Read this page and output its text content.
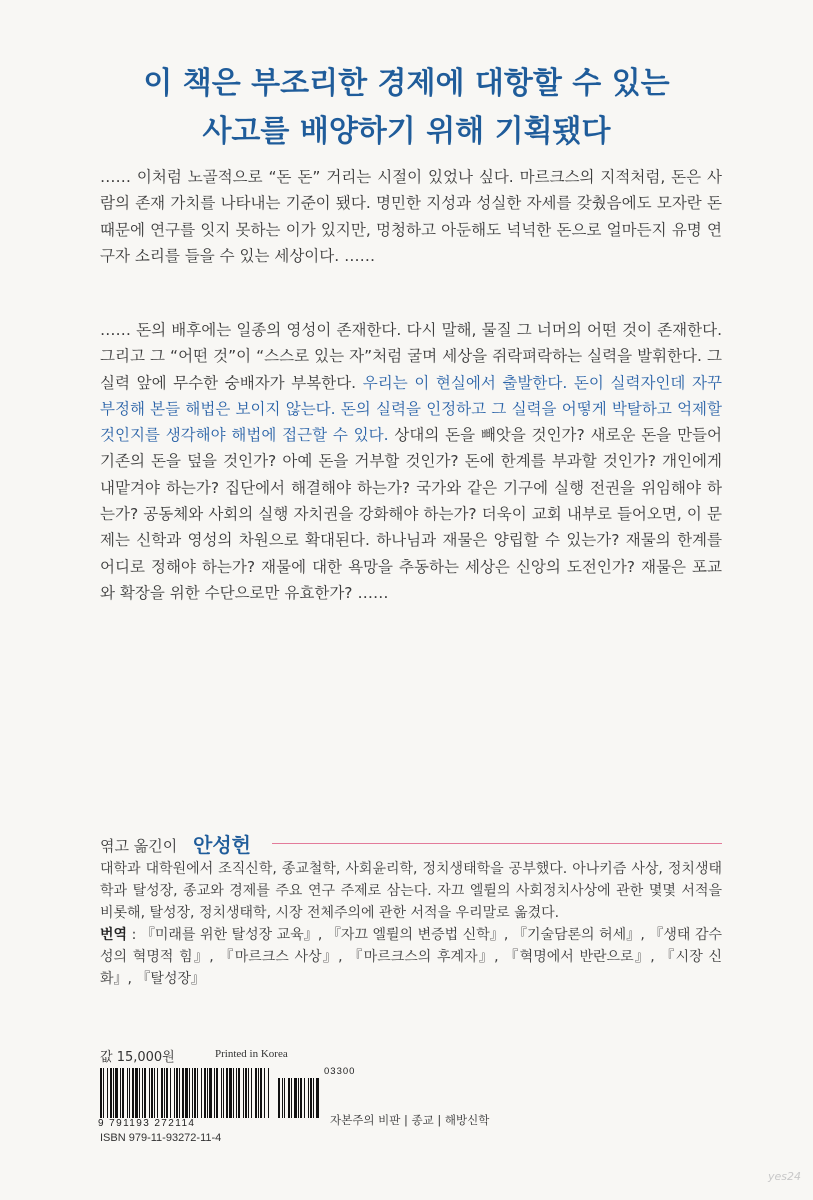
이 책은 부조리한 경제에 대항할 수 있는
사고를 배양하기 위해 기획됐다
…… 이처럼 노골적으로 “돈 돈” 거리는 시절이 있었나 싶다. 마르크스의 지적처럼, 돈은 사람의 존재 가치를 나타내는 기준이 됐다. 명민한 지성과 성실한 자세를 갖췄음에도 모자란 돈 때문에 연구를 잇지 못하는 이가 있지만, 멍청하고 아둔해도 넉넉한 돈으로 얼마든지 유명 연구자 소리를 들을 수 있는 세상이다. ……
…… 돈의 배후에는 일종의 영성이 존재한다. 다시 말해, 물질 그 너머의 어떤 것이 존재한다. 그리고 그 “어떤 것”이 “스스로 있는 자”처럼 굴며 세상을 쥐락펴락하는 실력을 발휘한다. 그 실력 앞에 무수한 숭배자가 부복한다. 우리는 이 현실에서 출발한다. 돈이 실력자인데 자꾸 부정해 본들 해법은 보이지 않는다. 돈의 실력을 인정하고 그 실력을 어떻게 박탈하고 억제할 것인지를 생각해야 해법에 접근할 수 있다. 상대의 돈을 빼앗을 것인가? 새로운 돈을 만들어 기존의 돈을 덮을 것인가? 아예 돈을 거부할 것인가? 돈에 한계를 부과할 것인가? 개인에게 내맡겨야 하는가? 집단에서 해결해야 하는가? 국가와 같은 기구에 실행 전권을 위임해야 하는가? 공동체와 사회의 실행 자치권을 강화해야 하는가? 더욱이 교회 내부로 들어오면, 이 문제는 신학과 영성의 차원으로 확대된다. 하나님과 재물은 양립할 수 있는가? 재물의 한계를 어디로 정해야 하는가? 재물에 대한 욕망을 추동하는 세상은 신앙의 도전인가? 재물은 포교와 확장을 위한 수단으로만 유효한가? ……
엮고 옮긴이 안성헌
대학과 대학원에서 조직신학, 종교철학, 사회윤리학, 정치생태학을 공부했다. 아나키즘 사상, 정치생태학과 탈성장, 종교와 경제를 주요 연구 주제로 삼는다. 자끄 엘륄의 사회정치사상에 관한 몇몇 서적을 비롯해, 탈성장, 정치생태학, 시장 전체주의에 관한 서적을 우리말로 옮겼다.
번역 : 『미래를 위한 탈성장 교육』, 『자끄 엘륄의 변증법 신학』, 『기술담론의 허세』, 『생태 감수성의 혁명적 힘』, 『마르크스 사상』, 『마르크스의 후계자』, 『혁명에서 반란으로』, 『시장 신화』, 『탈성장』
값 15,000원	Printed in Korea
03300
9 791193 272114
ISBN 979-11-93272-11-4
자본주의 비판 | 종교 | 해방신학
yes24
